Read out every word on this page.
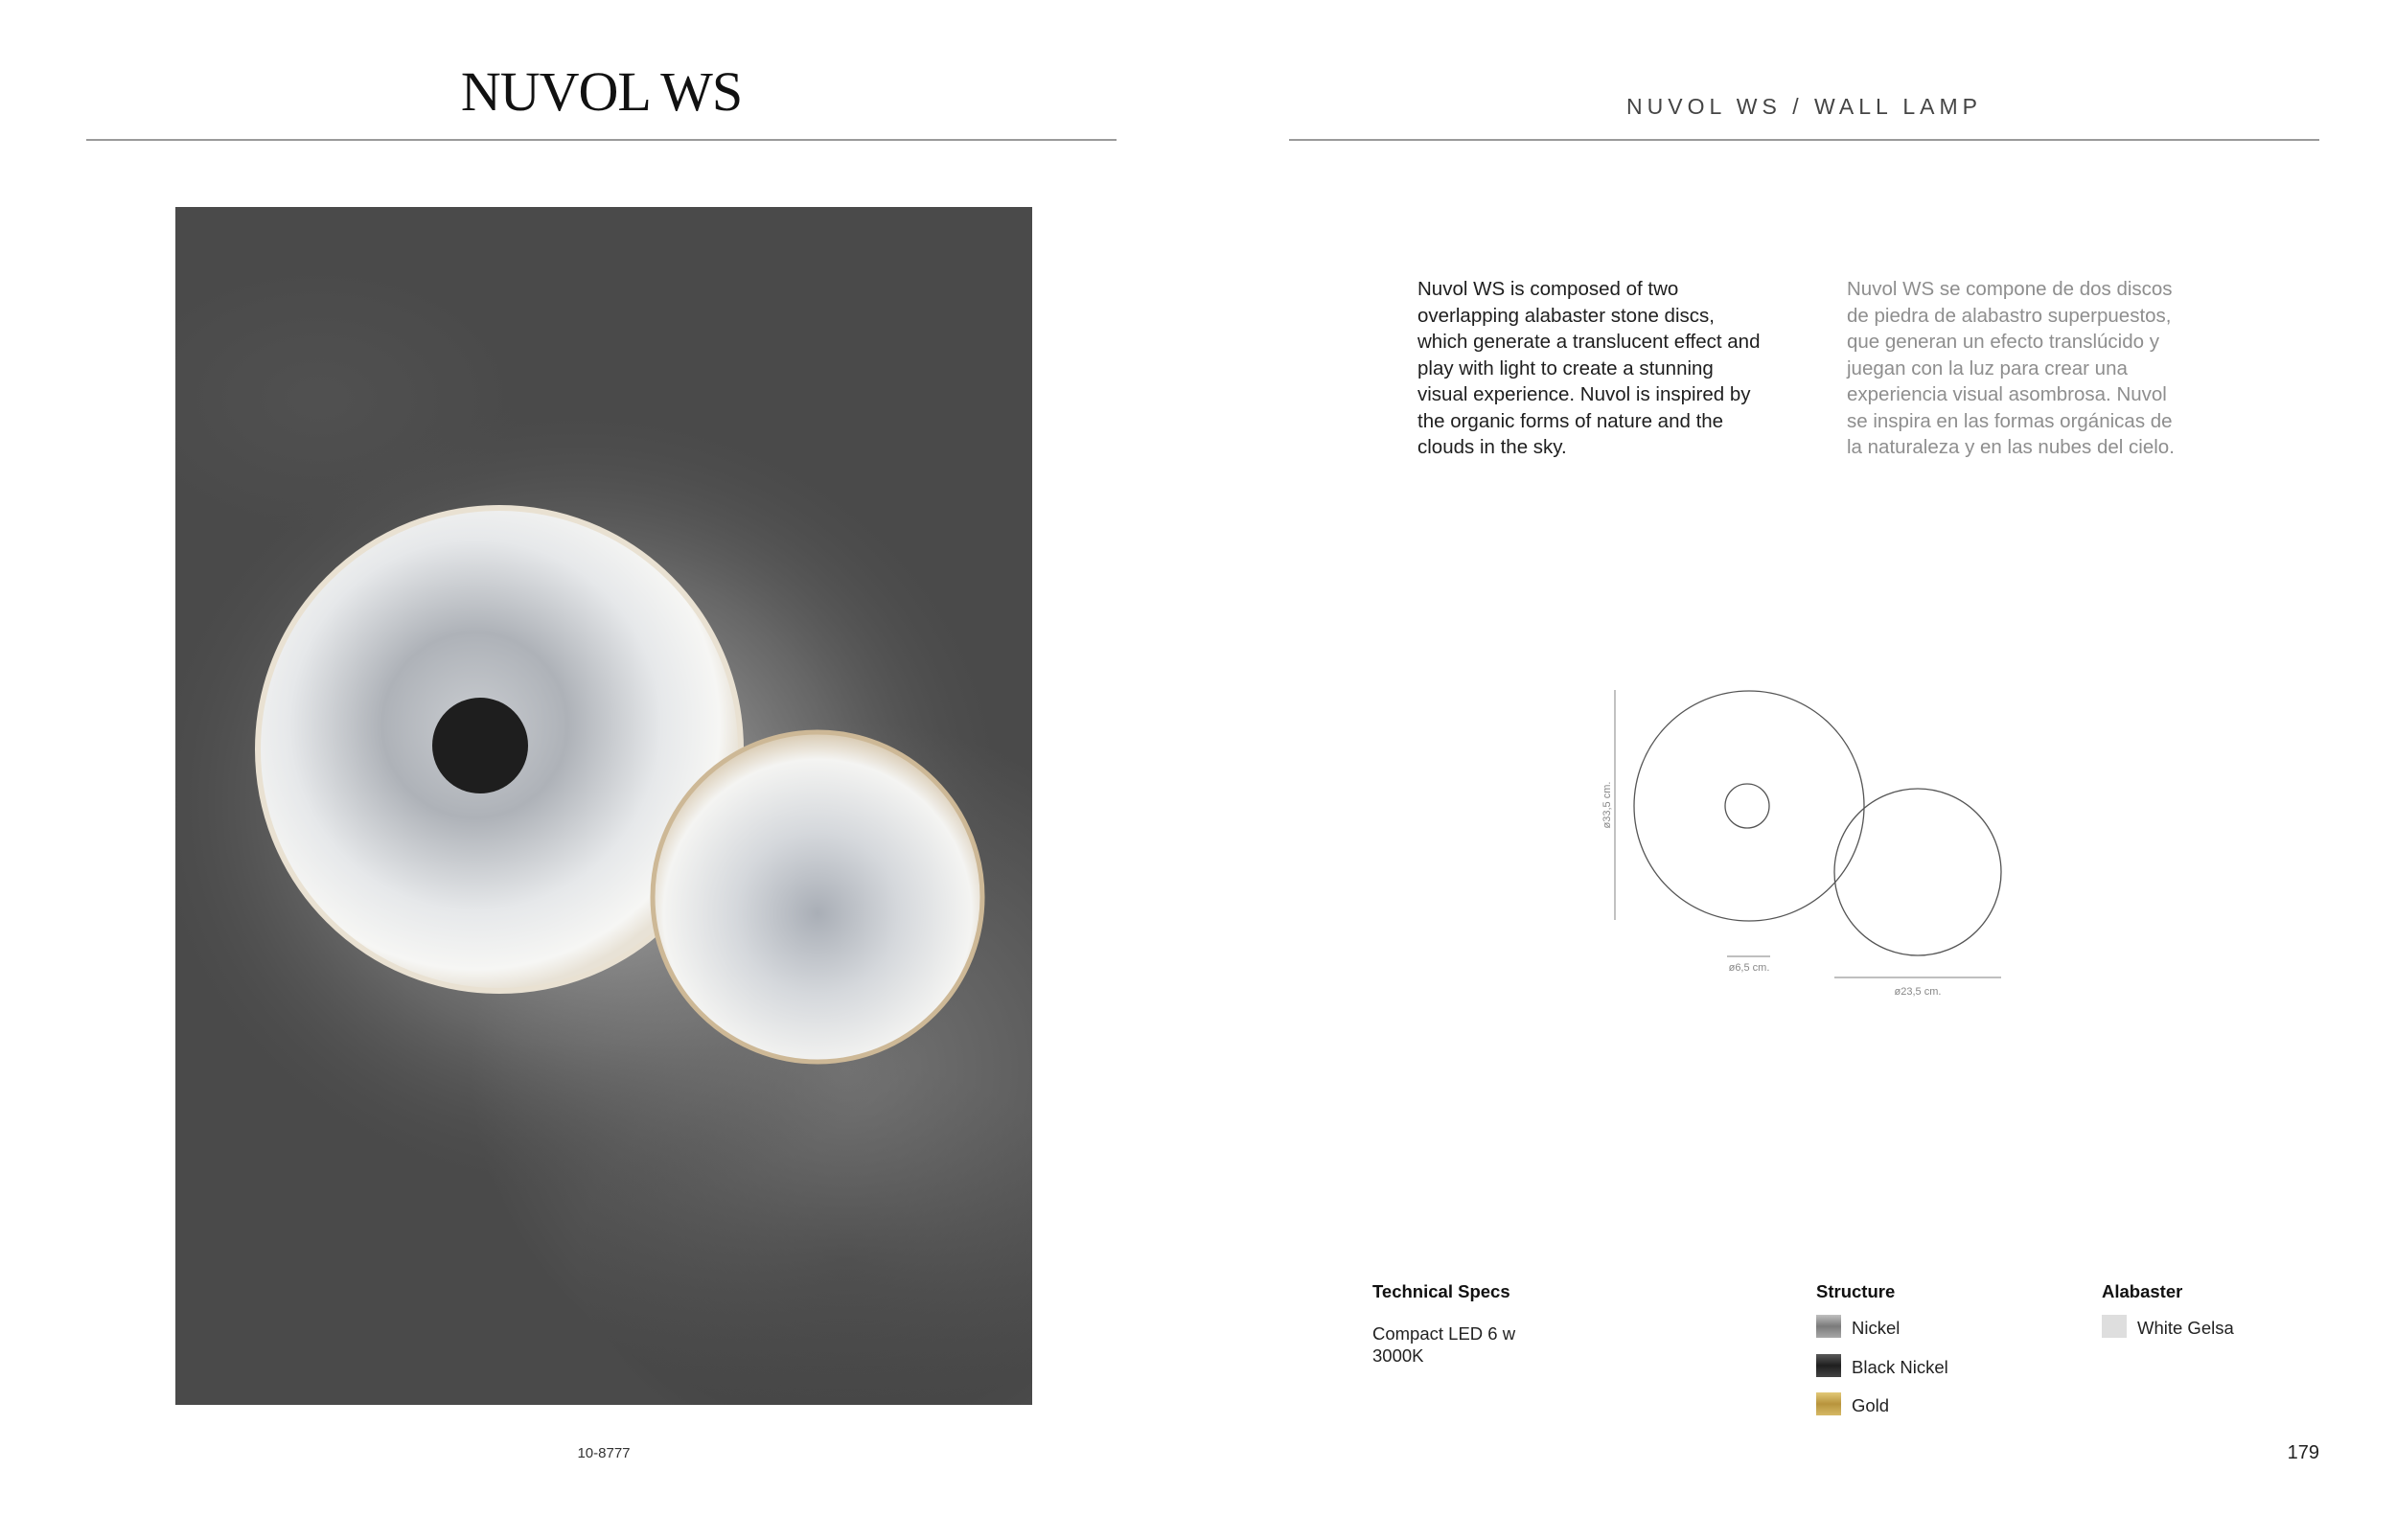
NUVOL WS
10-8777
NUVOL WS / WALL LAMP
Nuvol WS is composed of two overlapping alabaster stone discs, which generate a translucent effect and play with light to create a stunning visual experience. Nuvol is inspired by the organic forms of nature and the clouds in the sky.
Nuvol WS se compone de dos discos de piedra de alabastro superpuestos, que generan un efecto translúcido y juegan con la luz para crear una experiencia visual asombrosa. Nuvol se inspira en las formas orgánicas de la naturaleza y en las nubes del cielo.
ø33,5 cm.
ø6,5 cm.
ø23,5 cm.
Technical Specs
Compact LED 6 w
3000K
Structure
Nickel
Black Nickel
Gold
Alabaster
White Gelsa
179
